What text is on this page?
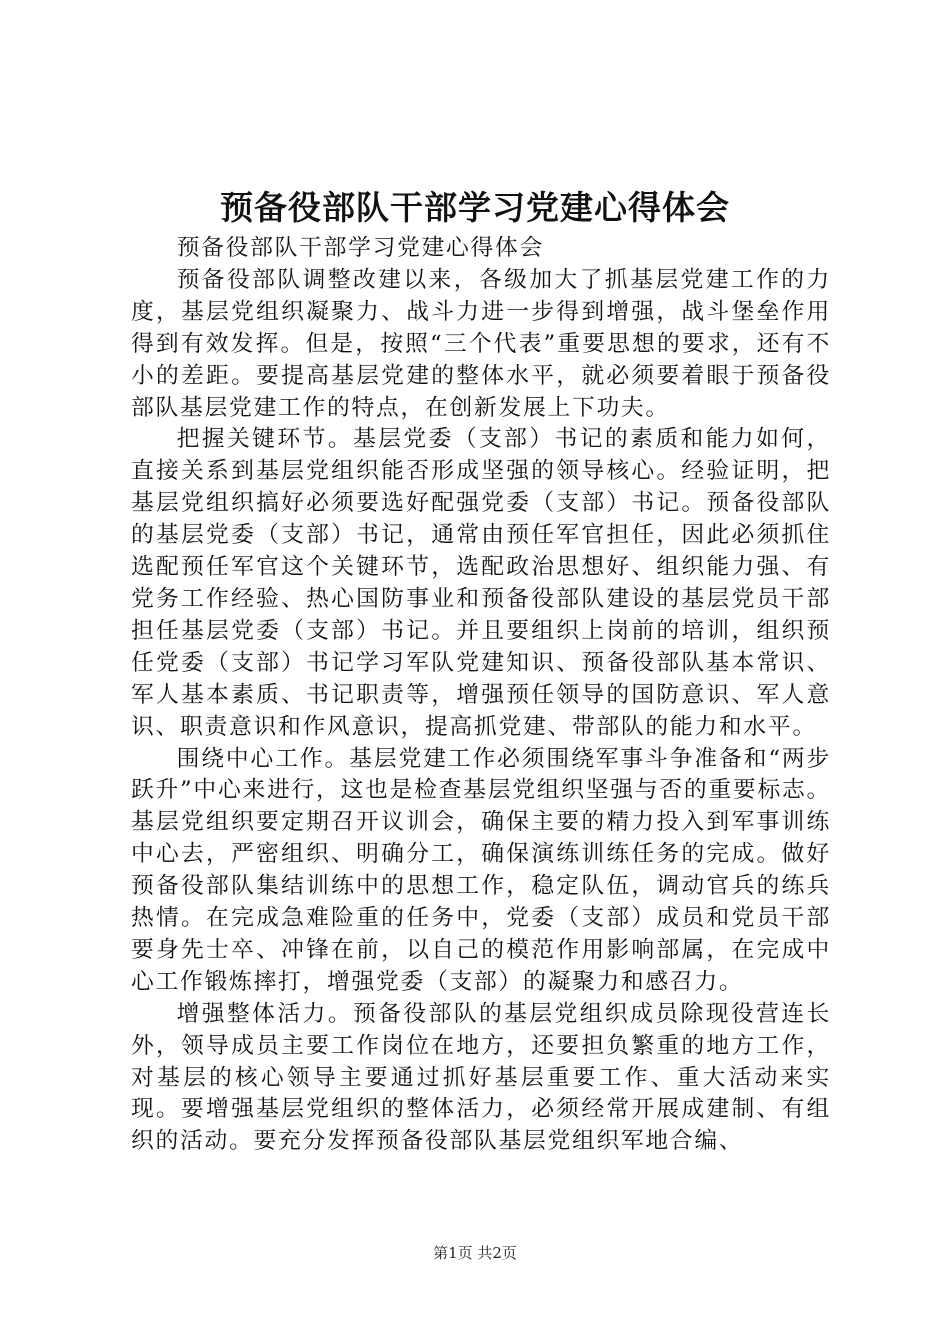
预备役部队干部学习党建心得体会

预备役部队干部学习党建心得体会

预备役部队调整改建以来，各级加大了抓基层党建工作的力度，基层党组织凝聚力、战斗力进一步得到增强，战斗堡垒作用得到有效发挥。但是，按照“三个代表”重要思想的要求，还有不小的差距。要提高基层党建的整体水平，就必须要着眼于预备役部队基层党建工作的特点，在创新发展上下功夫。

把握关键环节。基层党委（支部）书记的素质和能力如何，直接关系到基层党组织能否形成坚强的领导核心。经验证明，把基层党组织搞好必须要选好配强党委（支部）书记。预备役部队的基层党委（支部）书记，通常由预任军官担任，因此必须抓住选配预任军官这个关键环节，选配政治思想好、组织能力强、有党务工作经验、热心国防事业和预备役部队建设的基层党员干部担任基层党委（支部）书记。并且要组织上岗前的培训，组织预任党委（支部）书记学习军队党建知识、预备役部队基本常识、军人基本素质、书记职责等，增强预任领导的国防意识、军人意识、职责意识和作风意识，提高抓党建、带部队的能力和水平。

围绕中心工作。基层党建工作必须围绕军事斗争准备和“两步跃升”中心来进行，这也是检查基层党组织坚强与否的重要标志。基层党组织要定期召开议训会，确保主要的精力投入到军事训练中心去，严密组织、明确分工，确保演练训练任务的完成。做好预备役部队集结训练中的思想工作，稳定队伍，调动官兵的练兵热情。在完成急难险重的任务中，党委（支部）成员和党员干部要身先士卒、冲锋在前，以自己的模范作用影响部属，在完成中心工作锻炼摔打，增强党委（支部）的凝聚力和感召力。

增强整体活力。预备役部队的基层党组织成员除现役营连长外，领导成员主要工作岗位在地方，还要担负繁重的地方工作，对基层的核心领导主要通过抓好基层重要工作、重大活动来实现。要增强基层党组织的整体活力，必须经常开展成建制、有组织的活动。要充分发挥预备役部队基层党组织军地合编、

第1页 共2页
